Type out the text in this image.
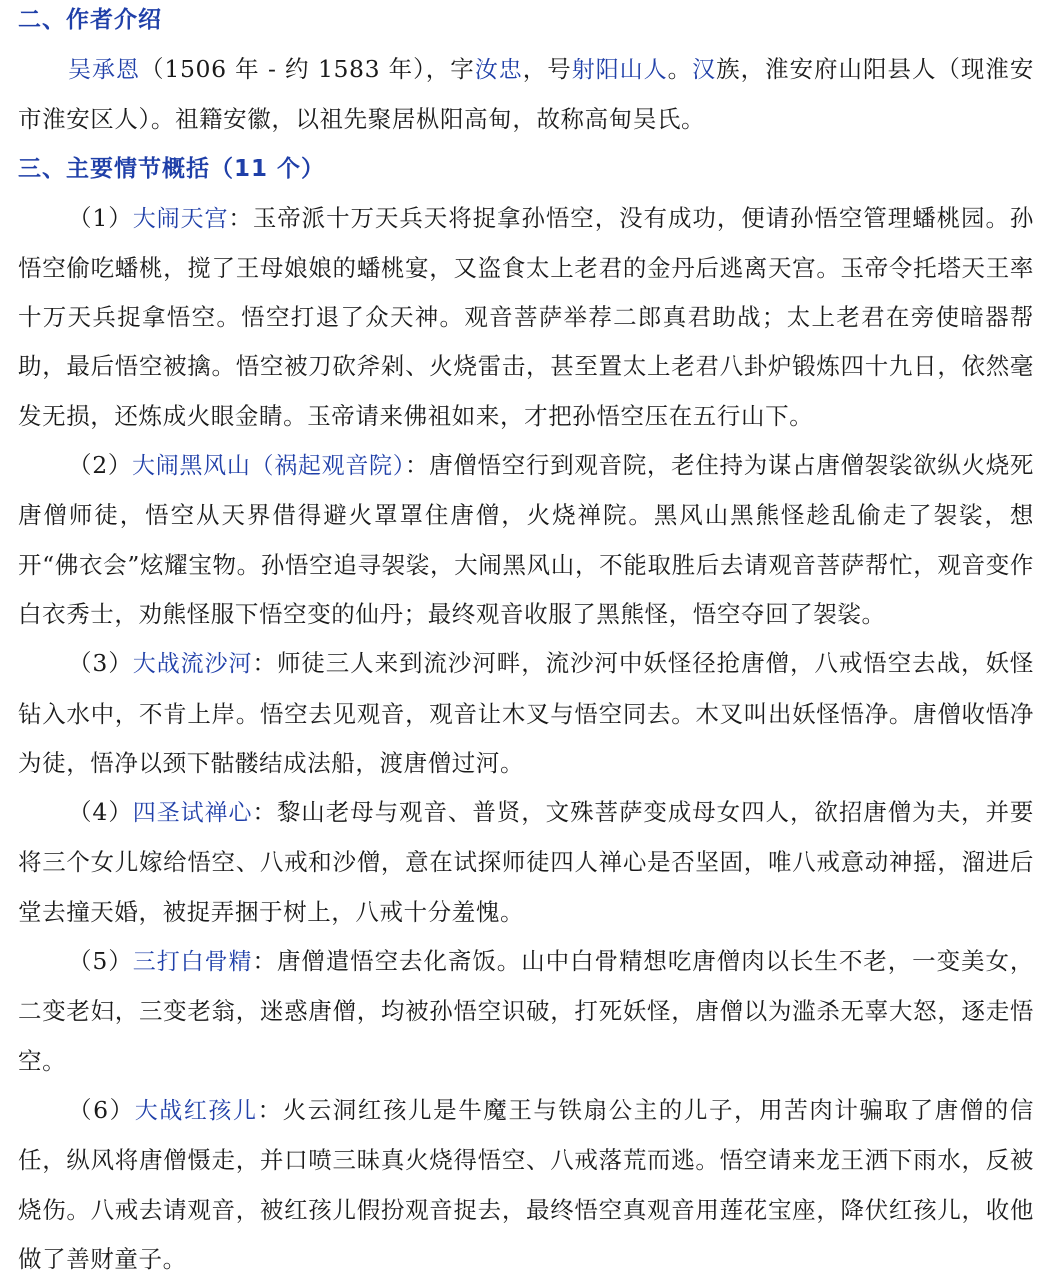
二、作者介绍

吴承恩（1506 年 - 约 1583 年），字汝忠，号射阳山人。汉族，淮安府山阳县人（现淮安市淮安区人）。祖籍安徽，以祖先聚居枞阳高甸，故称高甸吴氏。

三、主要情节概括（11 个）

（1）大闹天宫：玉帝派十万天兵天将捉拿孙悟空，没有成功，便请孙悟空管理蟠桃园。孙悟空偷吃蟠桃，搅了王母娘娘的蟠桃宴，又盗食太上老君的金丹后逃离天宫。玉帝令托塔天王率十万天兵捉拿悟空。悟空打退了众天神。观音菩萨举荐二郎真君助战；太上老君在旁使暗器帮助，最后悟空被擒。悟空被刀砍斧剁、火烧雷击，甚至置太上老君八卦炉锻炼四十九日，依然毫发无损，还炼成火眼金睛。玉帝请来佛祖如来，才把孙悟空压在五行山下。

（2）大闹黑风山（祸起观音院）：唐僧悟空行到观音院，老住持为谋占唐僧袈裟欲纵火烧死唐僧师徒，悟空从天界借得避火罩罩住唐僧，火烧禅院。黑风山黑熊怪趁乱偷走了袈裟，想开“佛衣会”炫耀宝物。孙悟空追寻袈裟，大闹黑风山，不能取胜后去请观音菩萨帮忙，观音变作白衣秀士，劝熊怪服下悟空变的仙丹；最终观音收服了黑熊怪，悟空夺回了袈裟。

（3）大战流沙河：师徒三人来到流沙河畔，流沙河中妖怪径抢唐僧，八戒悟空去战，妖怪钻入水中，不肯上岸。悟空去见观音，观音让木叉与悟空同去。木叉叫出妖怪悟净。唐僧收悟净为徒，悟净以颈下骷髅结成法船，渡唐僧过河。

（4）四圣试禅心：黎山老母与观音、普贤，文殊菩萨变成母女四人，欲招唐僧为夫，并要将三个女儿嫁给悟空、八戒和沙僧，意在试探师徒四人禅心是否坚固，唯八戒意动神摇，溜进后堂去撞天婚，被捉弄捆于树上，八戒十分羞愧。

（5）三打白骨精：唐僧遣悟空去化斋饭。山中白骨精想吃唐僧肉以长生不老，一变美女，二变老妇，三变老翁，迷惑唐僧，均被孙悟空识破，打死妖怪，唐僧以为滥杀无辜大怒，逐走悟空。

（6）大战红孩儿：火云洞红孩儿是牛魔王与铁扇公主的儿子，用苦肉计骗取了唐僧的信任，纵风将唐僧慑走，并口喷三昧真火烧得悟空、八戒落荒而逃。悟空请来龙王洒下雨水，反被烧伤。八戒去请观音，被红孩儿假扮观音捉去，最终悟空真观音用莲花宝座，降伏红孩儿，收他做了善财童子。
